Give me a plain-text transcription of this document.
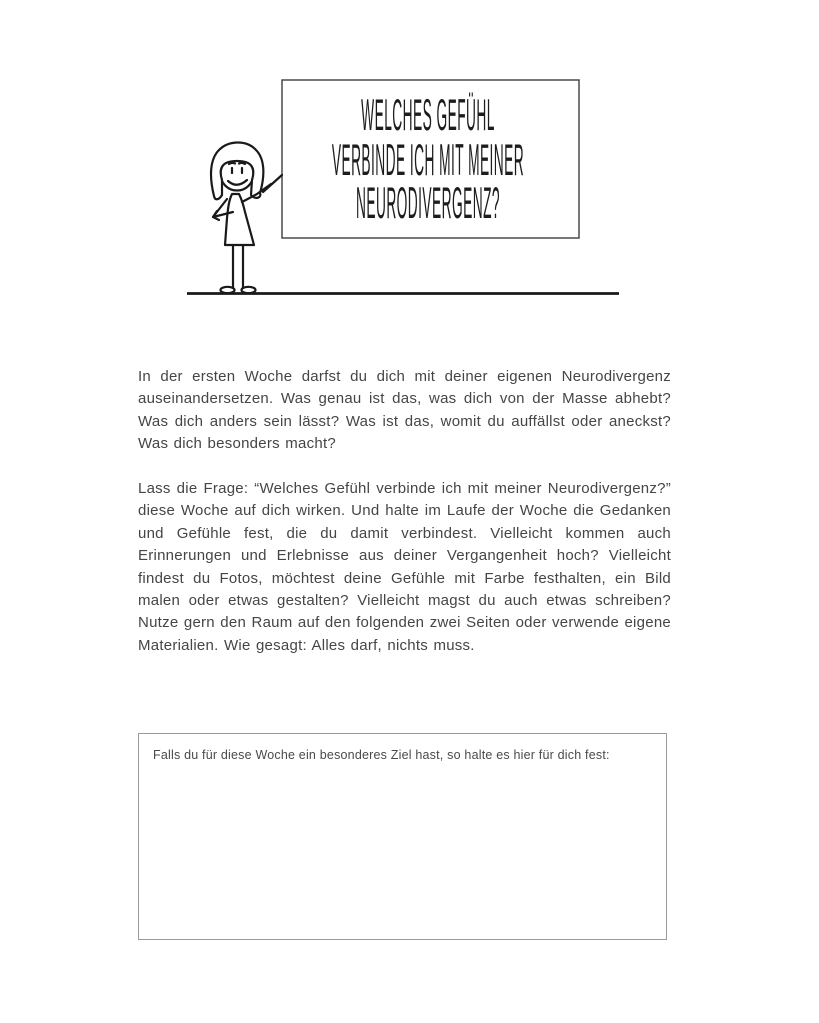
WELCHES GEFÜHL
VERBINDE ICH MIT MEINER
NEURODIVERGENZ?
In der ersten Woche darfst du dich mit deiner eigenen Neurodivergenz auseinandersetzen. Was genau ist das, was dich von der Masse abhebt? Was dich anders sein lässt? Was ist das, womit du auffällst oder aneckst? Was dich besonders macht?
Lass die Frage: “Welches Gefühl verbinde ich mit meiner Neurodivergenz?” diese Woche auf dich wirken. Und halte im Laufe der Woche die Gedanken und Gefühle fest, die du damit verbindest. Vielleicht kommen auch Erinnerungen und Erlebnisse aus deiner Vergangenheit hoch? Vielleicht findest du Fotos, möchtest deine Gefühle mit Farbe festhalten, ein Bild malen oder etwas gestalten? Vielleicht magst du auch etwas schreiben? Nutze gern den Raum auf den folgenden zwei Seiten oder verwende eigene Materialien. Wie gesagt: Alles darf, nichts muss.
Falls du für diese Woche ein besonderes Ziel hast, so halte es hier für dich fest:
